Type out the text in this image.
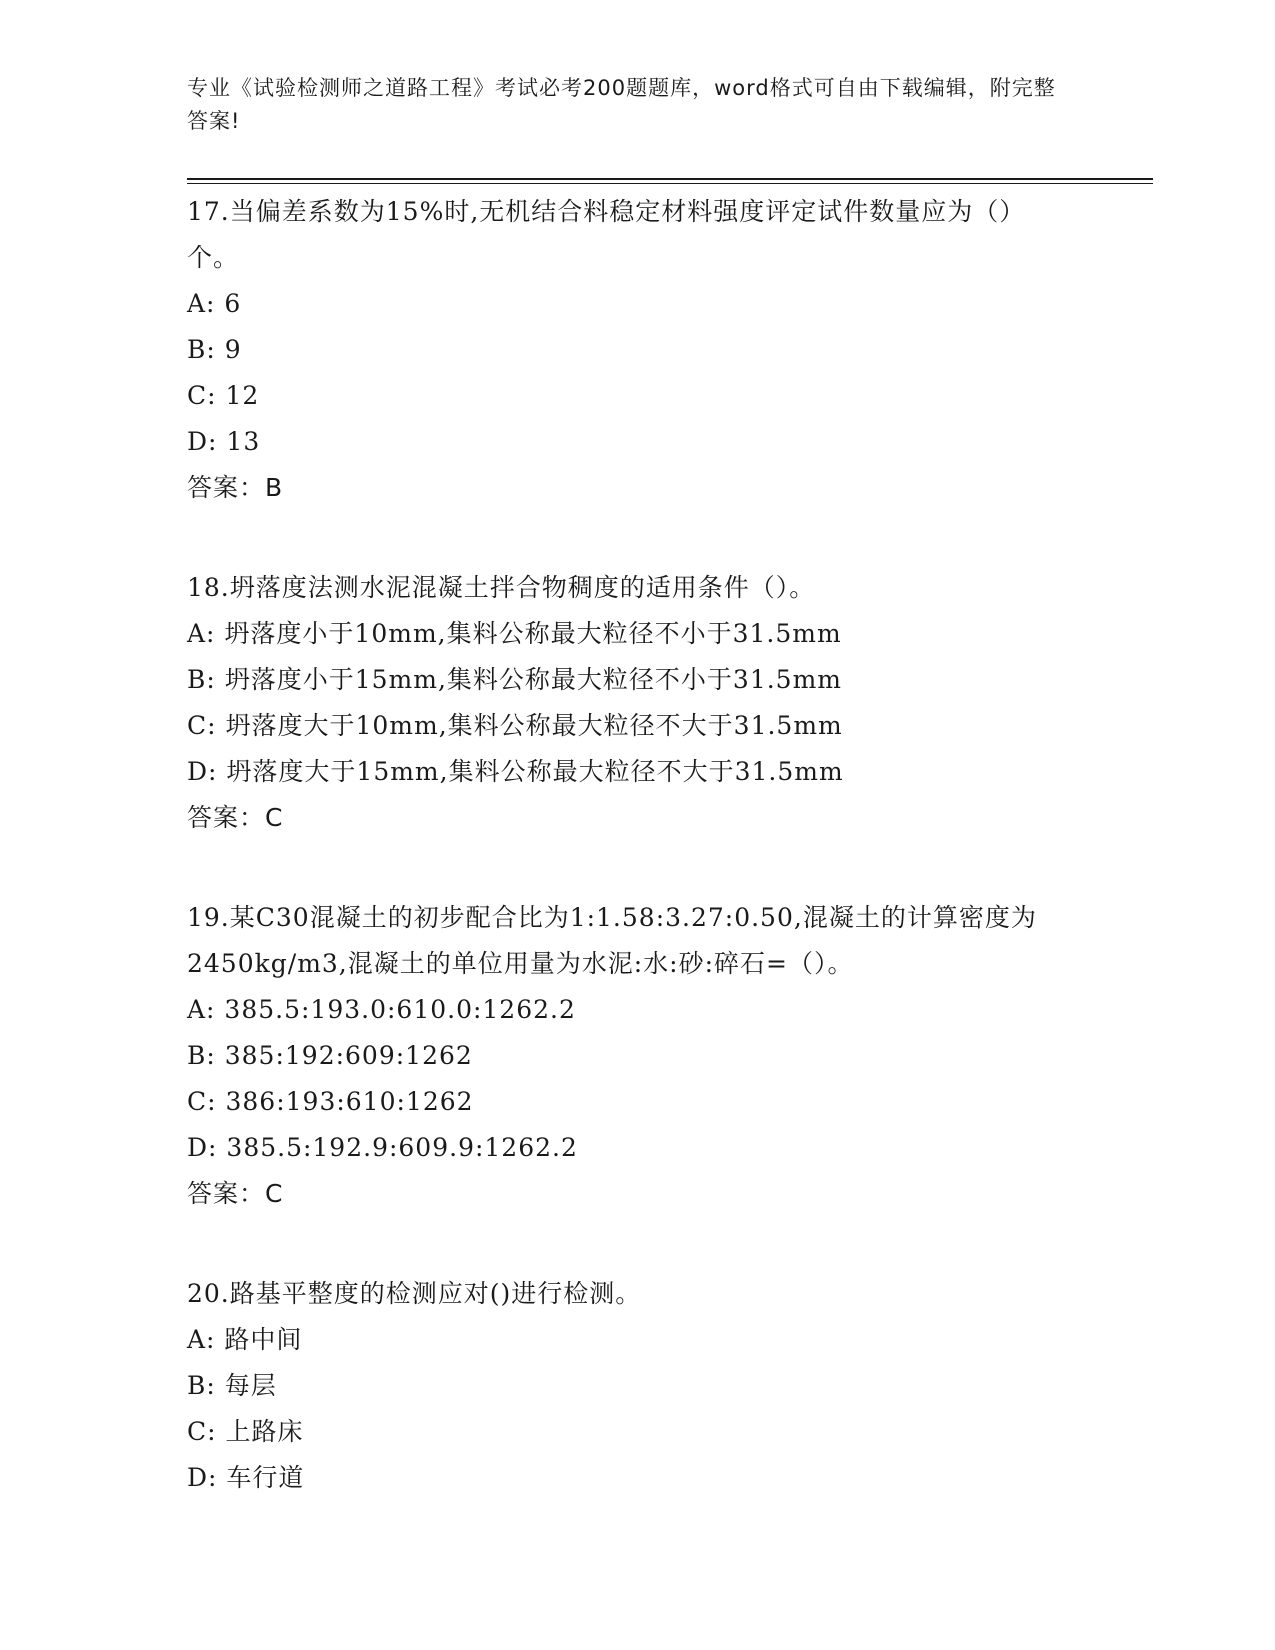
专业《试验检测师之道路工程》考试必考200题题库，word格式可自由下载编辑，附完整答案!
17.当偏差系数为15%时,无机结合料稳定材料强度评定试件数量应为（）个。
A: 6
B: 9
C: 12
D: 13
答案：B
18.坍落度法测水泥混凝土拌合物稠度的适用条件（）。
A: 坍落度小于10mm,集料公称最大粒径不小于31.5mm
B: 坍落度小于15mm,集料公称最大粒径不小于31.5mm
C: 坍落度大于10mm,集料公称最大粒径不大于31.5mm
D: 坍落度大于15mm,集料公称最大粒径不大于31.5mm
答案：C
19.某C30混凝土的初步配合比为1:1.58:3.27:0.50,混凝土的计算密度为2450kg/m3,混凝土的单位用量为水泥:水:砂:碎石=（）。
A: 385.5:193.0:610.0:1262.2
B: 385:192:609:1262
C: 386:193:610:1262
D: 385.5:192.9:609.9:1262.2
答案：C
20.路基平整度的检测应对()进行检测。
A: 路中间
B: 每层
C: 上路床
D: 车行道
